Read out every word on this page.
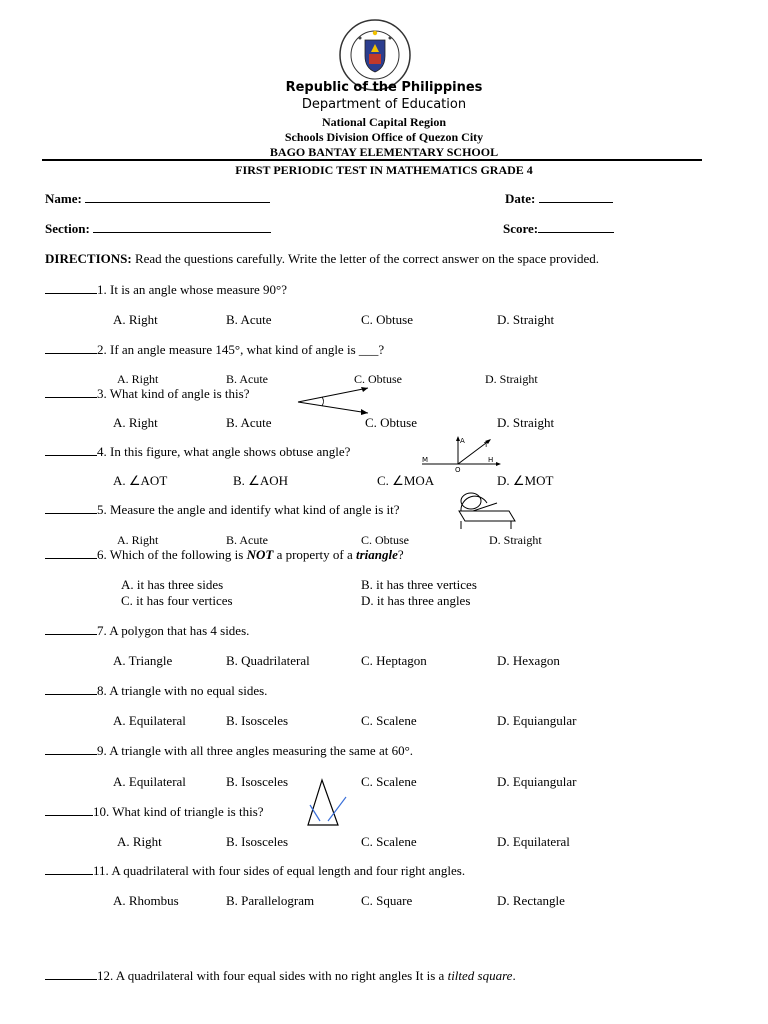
Republic of the Philippines
Department of Education
National Capital Region
Schools Division Office of Quezon City
BAGO BANTAY ELEMENTARY SCHOOL
FIRST PERIODIC TEST IN MATHEMATICS GRADE 4
Name:	Date:
Section:	Score:
DIRECTIONS: Read the questions carefully. Write the letter of the correct answer on the space provided.
1. It is an angle whose measure 90°?
A. Right	B. Acute	C. Obtuse	D. Straight
2. If an angle measure 145°, what kind of angle is ___?
A. Right	B. Acute	C. Obtuse	D. Straight
3. What kind of angle is this?
A. Right	B. Acute	C. Obtuse	D. Straight
4. In this figure, what angle shows obtuse angle?
A	T
M	H
O
A. ∠AOT	B. ∠AOH	C. ∠MOA	D. ∠MOT
5. Measure the angle and identify what kind of angle is it?
A. Right	B. Acute	C. Obtuse	D. Straight
6. Which of the following is NOT a property of a triangle?
A. it has three sides	B. it has three vertices
C. it has four vertices	D. it has three angles
7. A polygon that has 4 sides.
A. Triangle	B. Quadrilateral	C. Heptagon	D. Hexagon
8. A triangle with no equal sides.
A. Equilateral	B. Isosceles	C. Scalene	D. Equiangular
9. A triangle with all three angles measuring the same at 60°.
A. Equilateral	B. Isosceles	C. Scalene	D. Equiangular
10. What kind of triangle is this?
A. Right	B. Isosceles	C. Scalene	D. Equilateral
11. A quadrilateral with four sides of equal length and four right angles.
A. Rhombus	B. Parallelogram	C. Square	D. Rectangle
12. A quadrilateral with four equal sides with no right angles It is a tilted square.
